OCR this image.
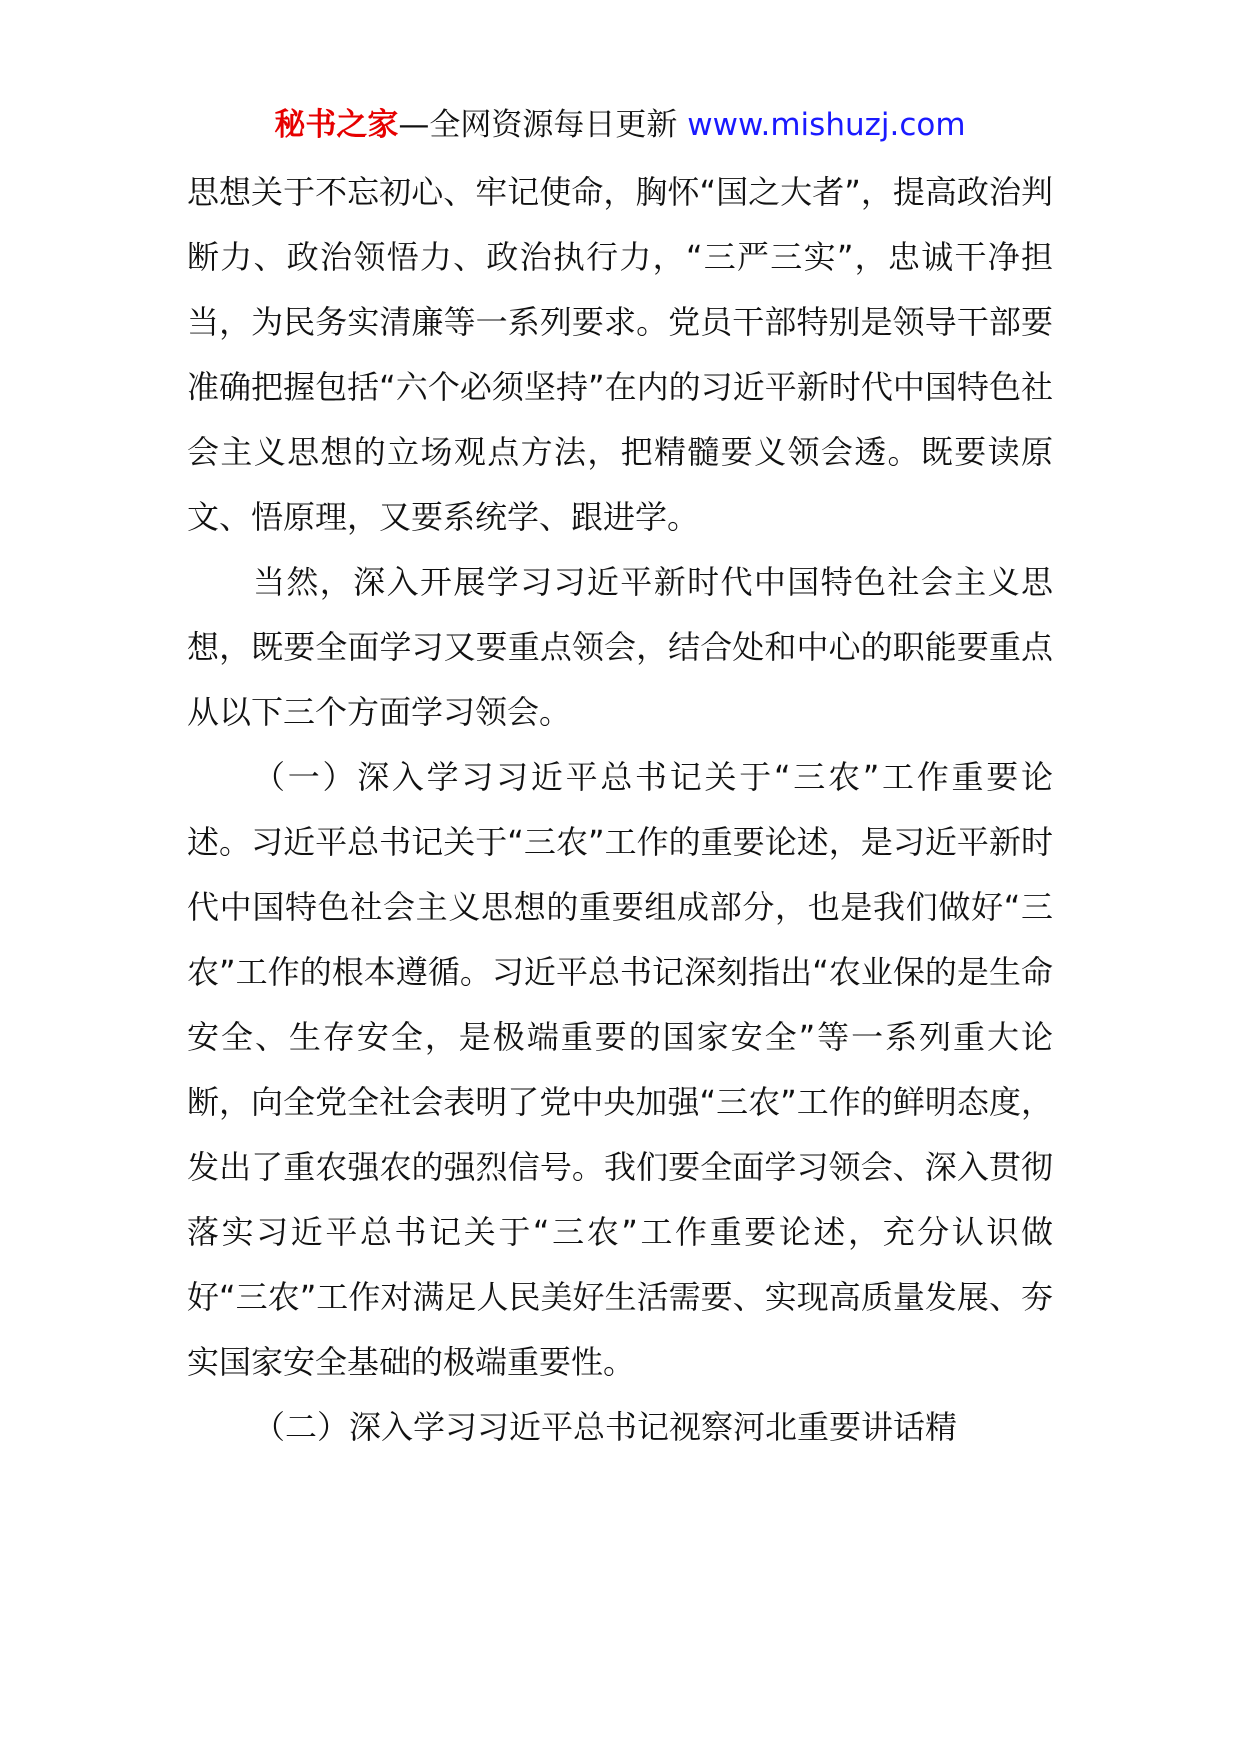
秘书之家—全网资源每日更新 www.mishuzj.com

思想关于不忘初心、牢记使命，胸怀“国之大者”，提高政治判断力、政治领悟力、政治执行力，“三严三实”，忠诚干净担当，为民务实清廉等一系列要求。党员干部特别是领导干部要准确把握包括“六个必须坚持”在内的习近平新时代中国特色社会主义思想的立场观点方法，把精髓要义领会透。既要读原文、悟原理，又要系统学、跟进学。

当然，深入开展学习习近平新时代中国特色社会主义思想，既要全面学习又要重点领会，结合处和中心的职能要重点从以下三个方面学习领会。

（一）深入学习习近平总书记关于“三农”工作重要论述。习近平总书记关于“三农”工作的重要论述，是习近平新时代中国特色社会主义思想的重要组成部分，也是我们做好“三农”工作的根本遵循。习近平总书记深刻指出“农业保的是生命安全、生存安全，是极端重要的国家安全”等一系列重大论断，向全党全社会表明了党中央加强“三农”工作的鲜明态度，发出了重农强农的强烈信号。我们要全面学习领会、深入贯彻落实习近平总书记关于“三农”工作重要论述，充分认识做好“三农”工作对满足人民美好生活需要、实现高质量发展、夯实国家安全基础的极端重要性。

（二）深入学习习近平总书记视察河北重要讲话精
